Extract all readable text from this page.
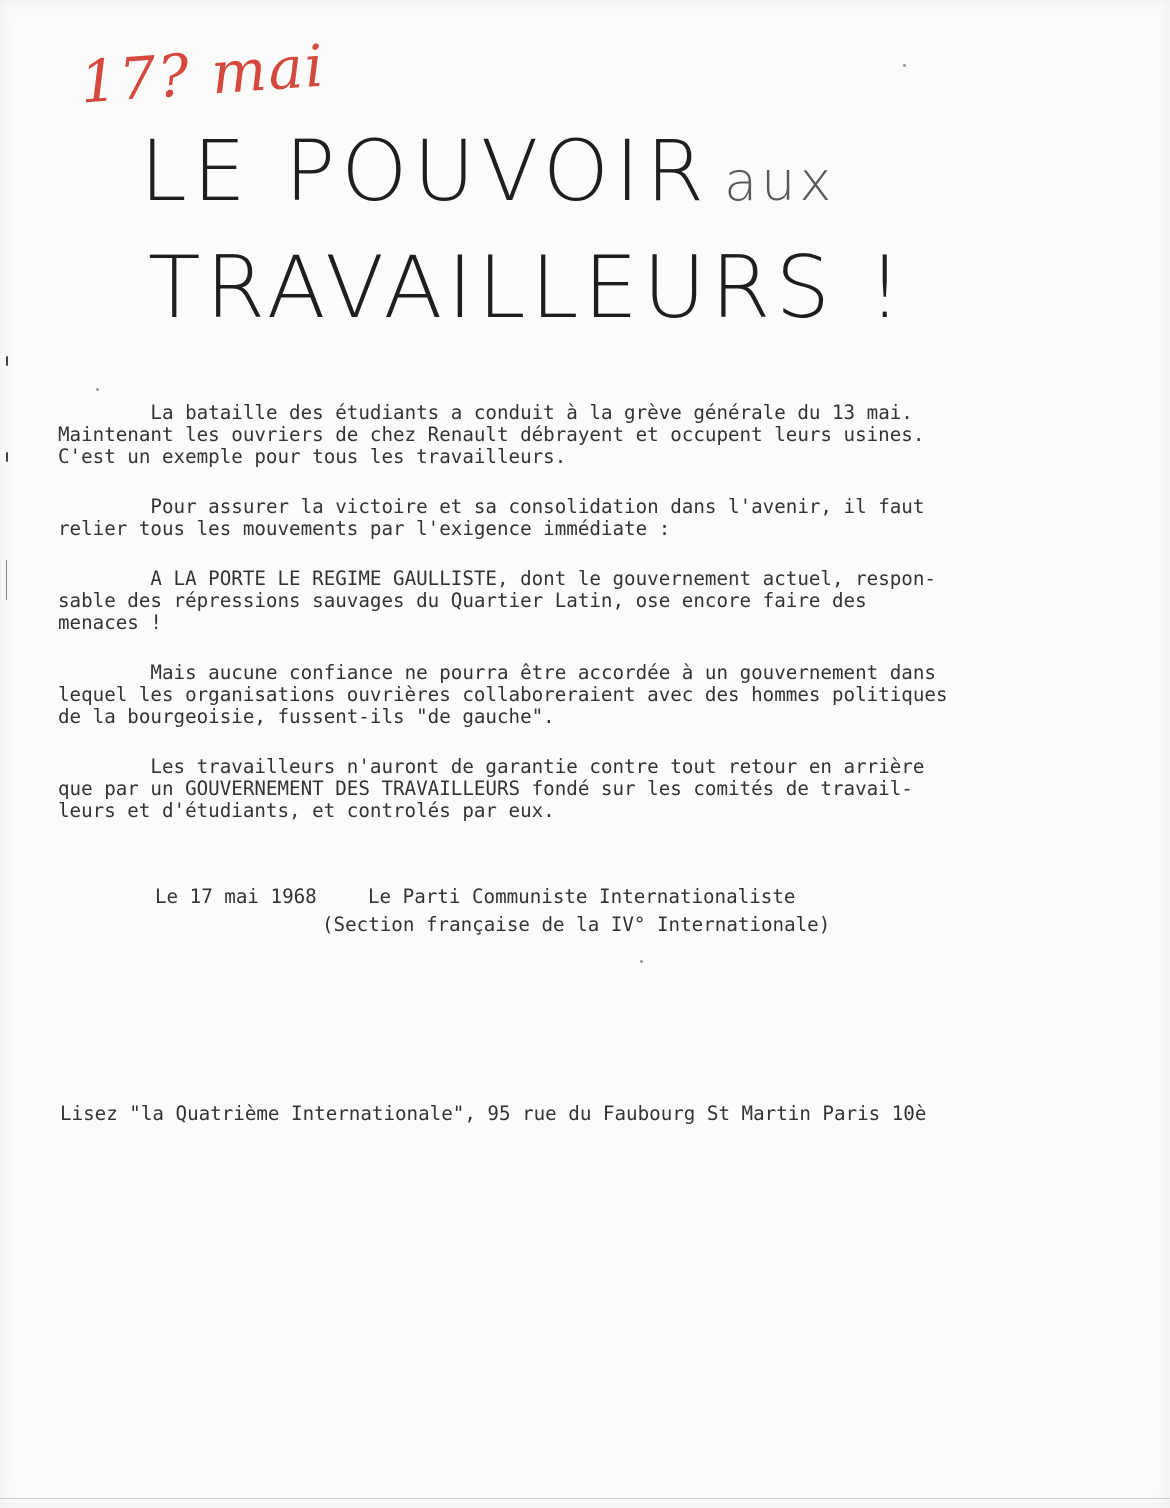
17? mai
LE POUVOIR aux
TRAVAILLEURS !

La bataille des étudiants a conduit à la grève générale du 13 mai.
Maintenant les ouvriers de chez Renault débrayent et occupent leurs usines.
C'est un exemple pour tous les travailleurs.

Pour assurer la victoire et sa consolidation dans l'avenir, il faut
relier tous les mouvements par l'exigence immédiate :

A LA PORTE LE REGIME GAULLISTE, dont le gouvernement actuel, respon-
sable des répressions sauvages du Quartier Latin, ose encore faire des
menaces !

Mais aucune confiance ne pourra être accordée à un gouvernement dans
lequel les organisations ouvrières collaboreraient avec des hommes politiques
de la bourgeoisie, fussent-ils "de gauche".

Les travailleurs n'auront de garantie contre tout retour en arrière
que par un GOUVERNEMENT DES TRAVAILLEURS fondé sur les comités de travail-
leurs et d'étudiants, et controlés par eux.

Le 17 mai 1968	Le Parti Communiste Internationaliste
(Section française de la IV° Internationale)
Lisez "la Quatrième Internationale", 95 rue du Faubourg St Martin Paris 10è
